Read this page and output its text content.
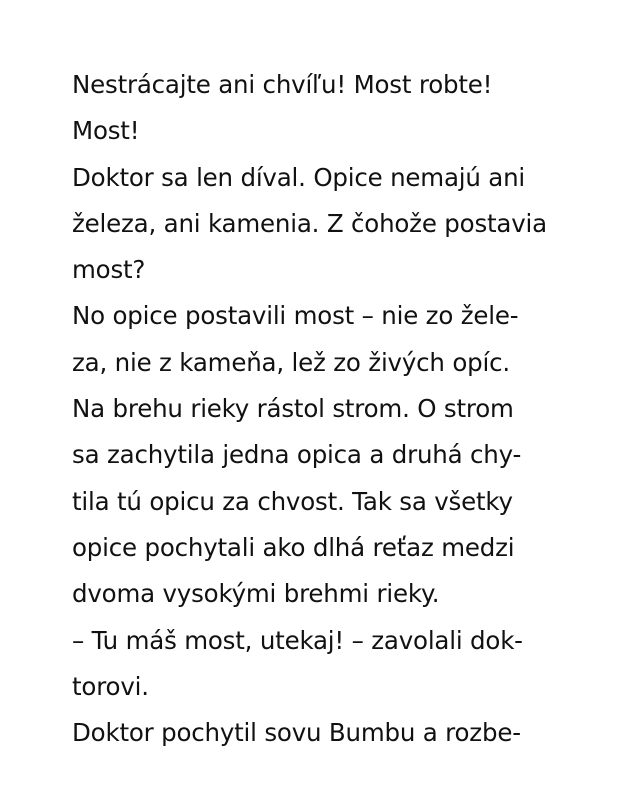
Nestrácajte ani chvíľu! Most robte!
Most!
Doktor sa len díval. Opice nemajú ani
železa, ani kamenia. Z čohože postavia
most?
No opice postavili most – nie zo žele-
za, nie z kameňa, lež zo živých opíc.
Na brehu rieky rástol strom. O strom
sa zachytila jedna opica a druhá chy-
tila tú opicu za chvost. Tak sa všetky
opice pochytali ako dlhá reťaz medzi
dvoma vysokými brehmi rieky.
– Tu máš most, utekaj! – zavolali dok-
torovi.
Doktor pochytil sovu Bumbu a rozbe-
